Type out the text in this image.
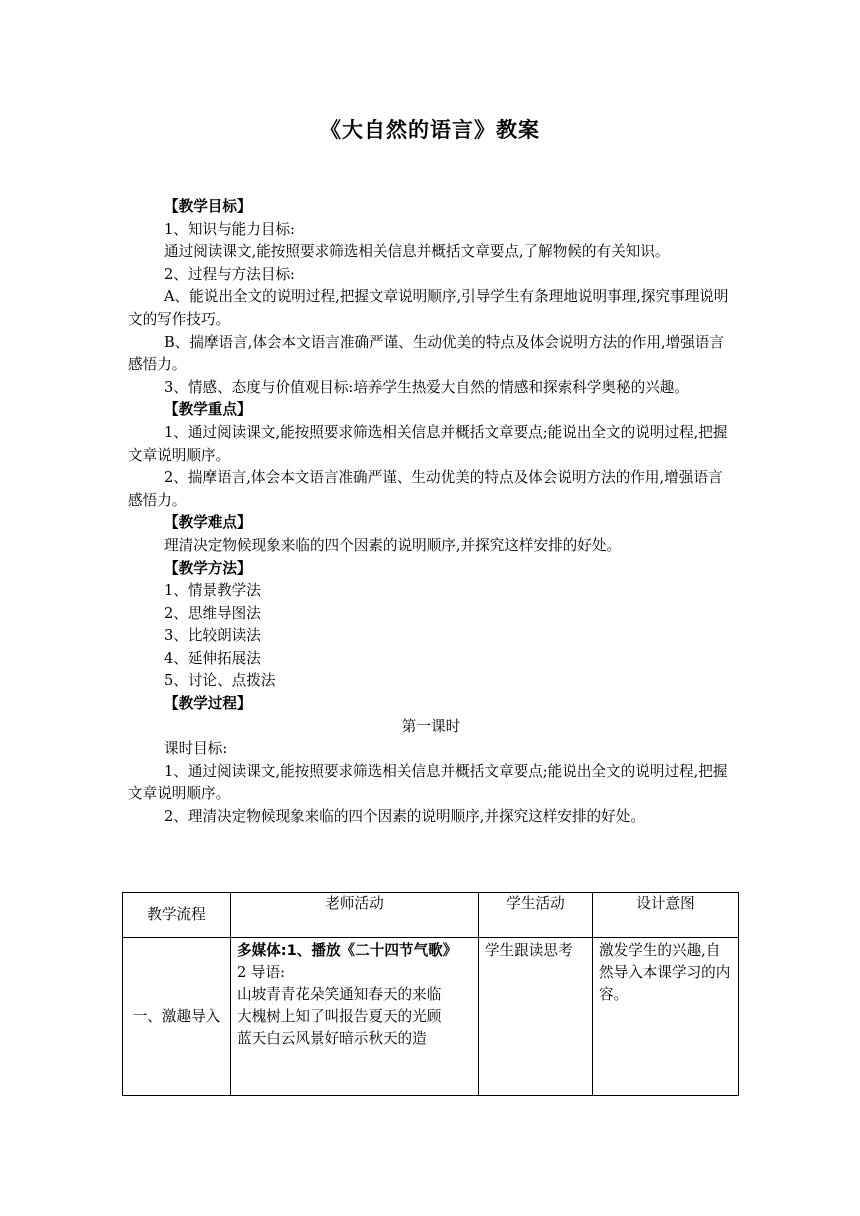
《大自然的语言》教案

【教学目标】

1、知识与能力目标:

通过阅读课文,能按照要求筛选相关信息并概括文章要点,了解物候的有关知识。

2、过程与方法目标:

A、能说出全文的说明过程,把握文章说明顺序,引导学生有条理地说明事理,探究事理说明文的写作技巧。

B、揣摩语言,体会本文语言准确严谨、生动优美的特点及体会说明方法的作用,增强语言感悟力。

3、情感、态度与价值观目标:培养学生热爱大自然的情感和探索科学奥秘的兴趣。

【教学重点】

1、通过阅读课文,能按照要求筛选相关信息并概括文章要点;能说出全文的说明过程,把握文章说明顺序。

2、揣摩语言,体会本文语言准确严谨、生动优美的特点及体会说明方法的作用,增强语言感悟力。

【教学难点】

理清决定物候现象来临的四个因素的说明顺序,并探究这样安排的好处。

【教学方法】

1、情景教学法

2、思维导图法

3、比较朗读法

4、延伸拓展法

5、讨论、点拨法

【教学过程】

第一课时

课时目标:

1、通过阅读课文,能按照要求筛选相关信息并概括文章要点;能说出全文的说明过程,把握文章说明顺序。

2、理清决定物候现象来临的四个因素的说明顺序,并探究这样安排的好处。

教学流程	老师活动	学生活动	设计意图
一、激趣导入	多媒体:1、播放《二十四节气歌》
2 导语:
山坡青青花朵笑通知春天的来临
大槐树上知了叫报告夏天的光顾
蓝天白云风景好暗示秋天的造	学生跟读思考	激发学生的兴趣,自然导入本课学习的内容。
